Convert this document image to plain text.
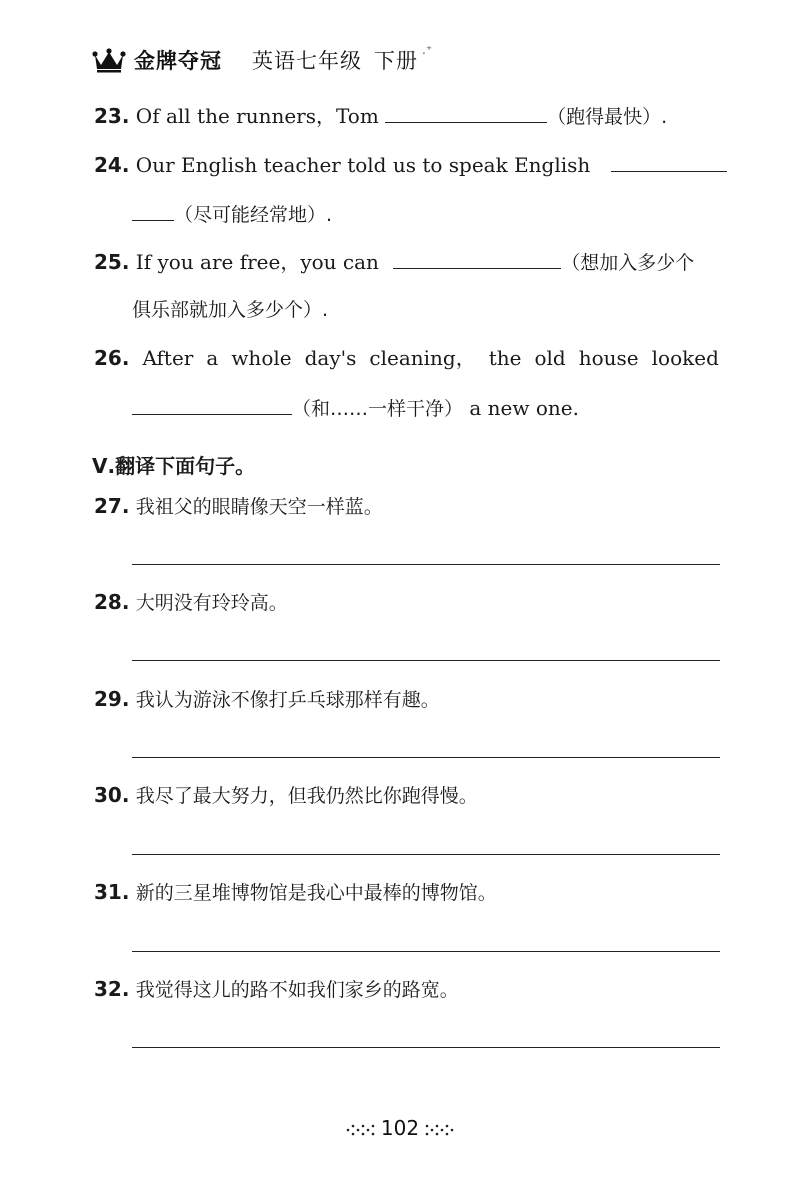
金牌夺冠 英语七年级 下册 .⁺
23. Of all the runners，Tom	（跑得最快）.
24. Our English teacher told us to speak English
（尽可能经常地）.
25. If you are free，you can	（想加入多少个
俱乐部就加入多少个）.
26. After a whole day's cleaning， the old house looked
（和……一样干净） a new one.
Ⅴ.翻译下面句子。
27. 我祖父的眼睛像天空一样蓝。
28. 大明没有玲玲高。
29. 我认为游泳不像打乒乓球那样有趣。
30. 我尽了最大努力，但我仍然比你跑得慢。
31. 新的三星堆博物馆是我心中最棒的博物馆。
32. 我觉得这儿的路不如我们家乡的路宽。
102
